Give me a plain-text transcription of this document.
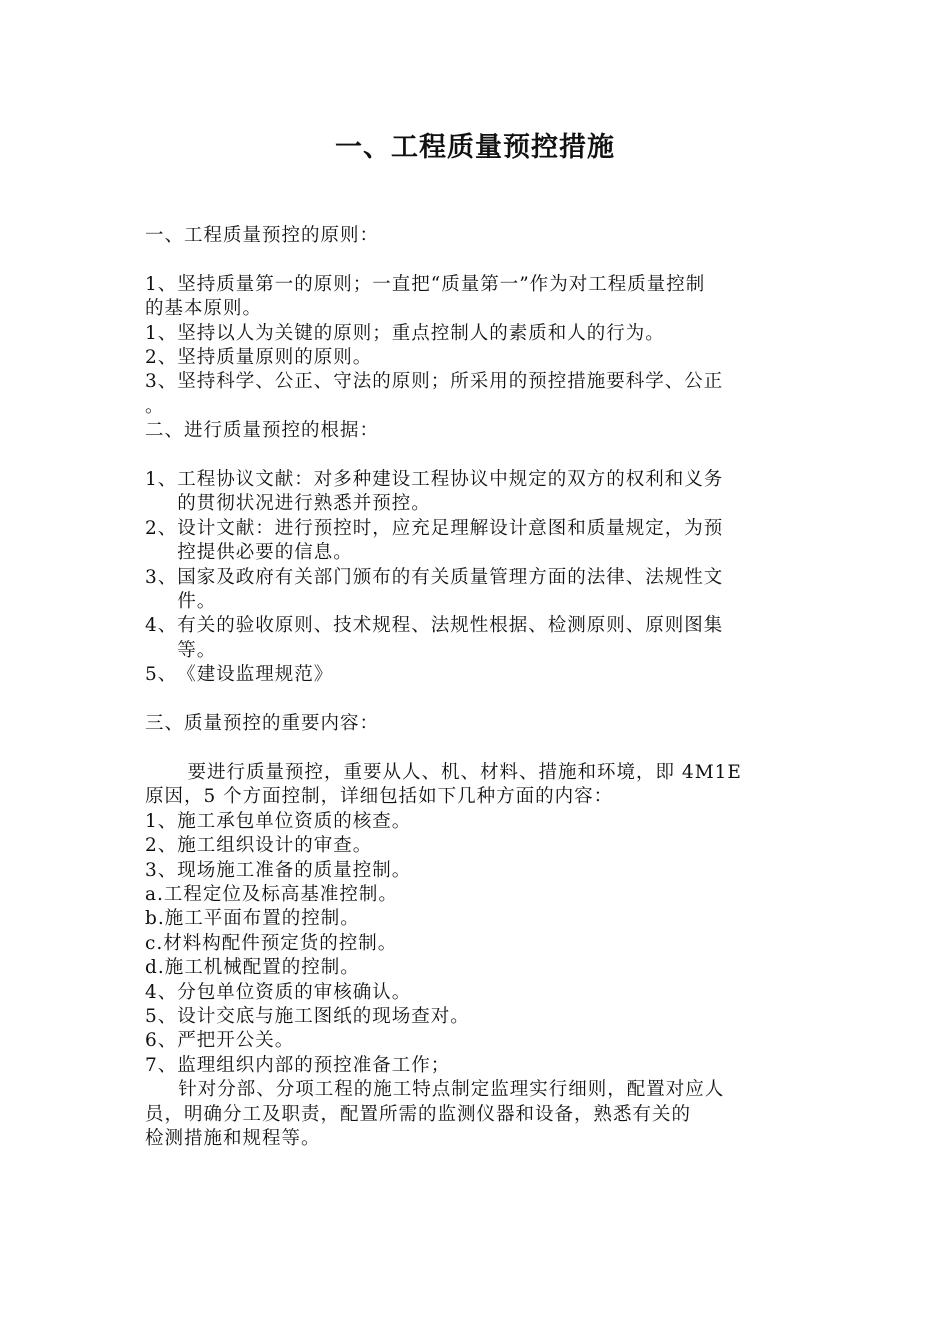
一、工程质量预控措施
一、工程质量预控的原则：
1、坚持质量第一的原则；一直把“质量第一”作为对工程质量控制
的基本原则。
1、坚持以人为关键的原则；重点控制人的素质和人的行为。
2、坚持质量原则的原则。
3、坚持科学、公正、守法的原则；所采用的预控措施要科学、公正
。
二、进行质量预控的根据：
1、 工程协议文献：对多种建设工程协议中规定的双方的权利和义务
的贯彻状况进行熟悉并预控。
2、 设计文献：进行预控时，应充足理解设计意图和质量规定，为预
控提供必要的信息。
3、 国家及政府有关部门颁布的有关质量管理方面的法律、法规性文
件。
4、 有关的验收原则、技术规程、法规性根据、检测原则、原则图集
等。
5、 《建设监理规范》
三、质量预控的重要内容：
要进行质量预控，重要从人、机、材料、措施和环境，即 4M1E
原因，5 个方面控制，详细包括如下几种方面的内容：
1、施工承包单位资质的核查。
2、施工组织设计的审查。
3、现场施工准备的质量控制。
a.工程定位及标高基准控制。
b.施工平面布置的控制。
c.材料构配件预定货的控制。
d.施工机械配置的控制。
4、分包单位资质的审核确认。
5、设计交底与施工图纸的现场查对。
6、严把开公关。
7、监理组织内部的预控准备工作；
针对分部、分项工程的施工特点制定监理实行细则，配置对应人
员，明确分工及职责，配置所需的监测仪器和设备，熟悉有关的
检测措施和规程等。
